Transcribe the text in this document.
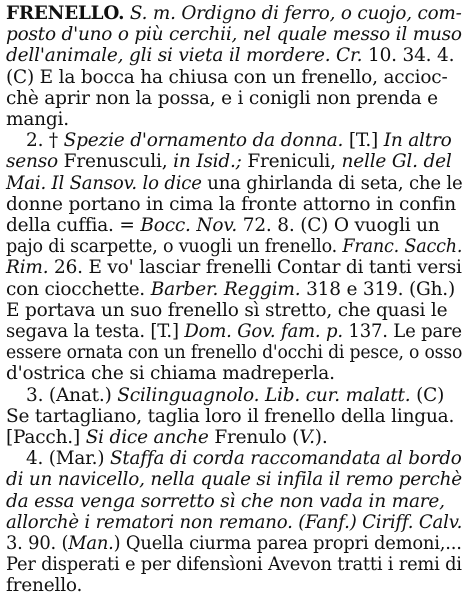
FRENELLO. S. m. Ordigno di ferro, o cuojo, com-
posto d'uno o più cerchii, nel quale messo il muso
dell'animale, gli si vieta il mordere. Cr. 10. 34. 4.
(C) E la bocca ha chiusa con un frenello, accioc-
chè aprir non la possa, e i conigli non prenda e
mangi.
2. † Spezie d'ornamento da donna. [T.] In altro
senso Frenusculi, in Isid.; Freniculi, nelle Gl. del
Mai. Il Sansov. lo dice una ghirlanda di seta, che le
donne portano in cima la fronte attorno in confin
della cuffia. = Bocc. Nov. 72. 8. (C) O vuogli un
pajo di scarpette, o vuogli un frenello. Franc. Sacch.
Rim. 26. E vo' lasciar frenelli Contar di tanti versi
con ciocchette. Barber. Reggim. 318 e 319. (Gh.)
E portava un suo frenello sì stretto, che quasi le
segava la testa. [T.] Dom. Gov. fam. p. 137. Le pare
essere ornata con un frenello d'occhi di pesce, o osso
d'ostrica che si chiama madreperla.
3. (Anat.) Scilinguagnolo. Lib. cur. malatt. (C)
Se tartagliano, taglia loro il frenello della lingua.
[Pacch.] Si dice anche Frenulo (V.).
4. (Mar.) Staffa di corda raccomandata al bordo
di un navicello, nella quale si infila il remo perchè
da essa venga sorretto sì che non vada in mare,
allorchè i rematori non remano. (Fanf.) Ciriff. Calv.
3. 90. (Man.) Quella ciurma parea propri demoni,...
Per disperati e per difensìoni Avevon tratti i remi di
frenello.
